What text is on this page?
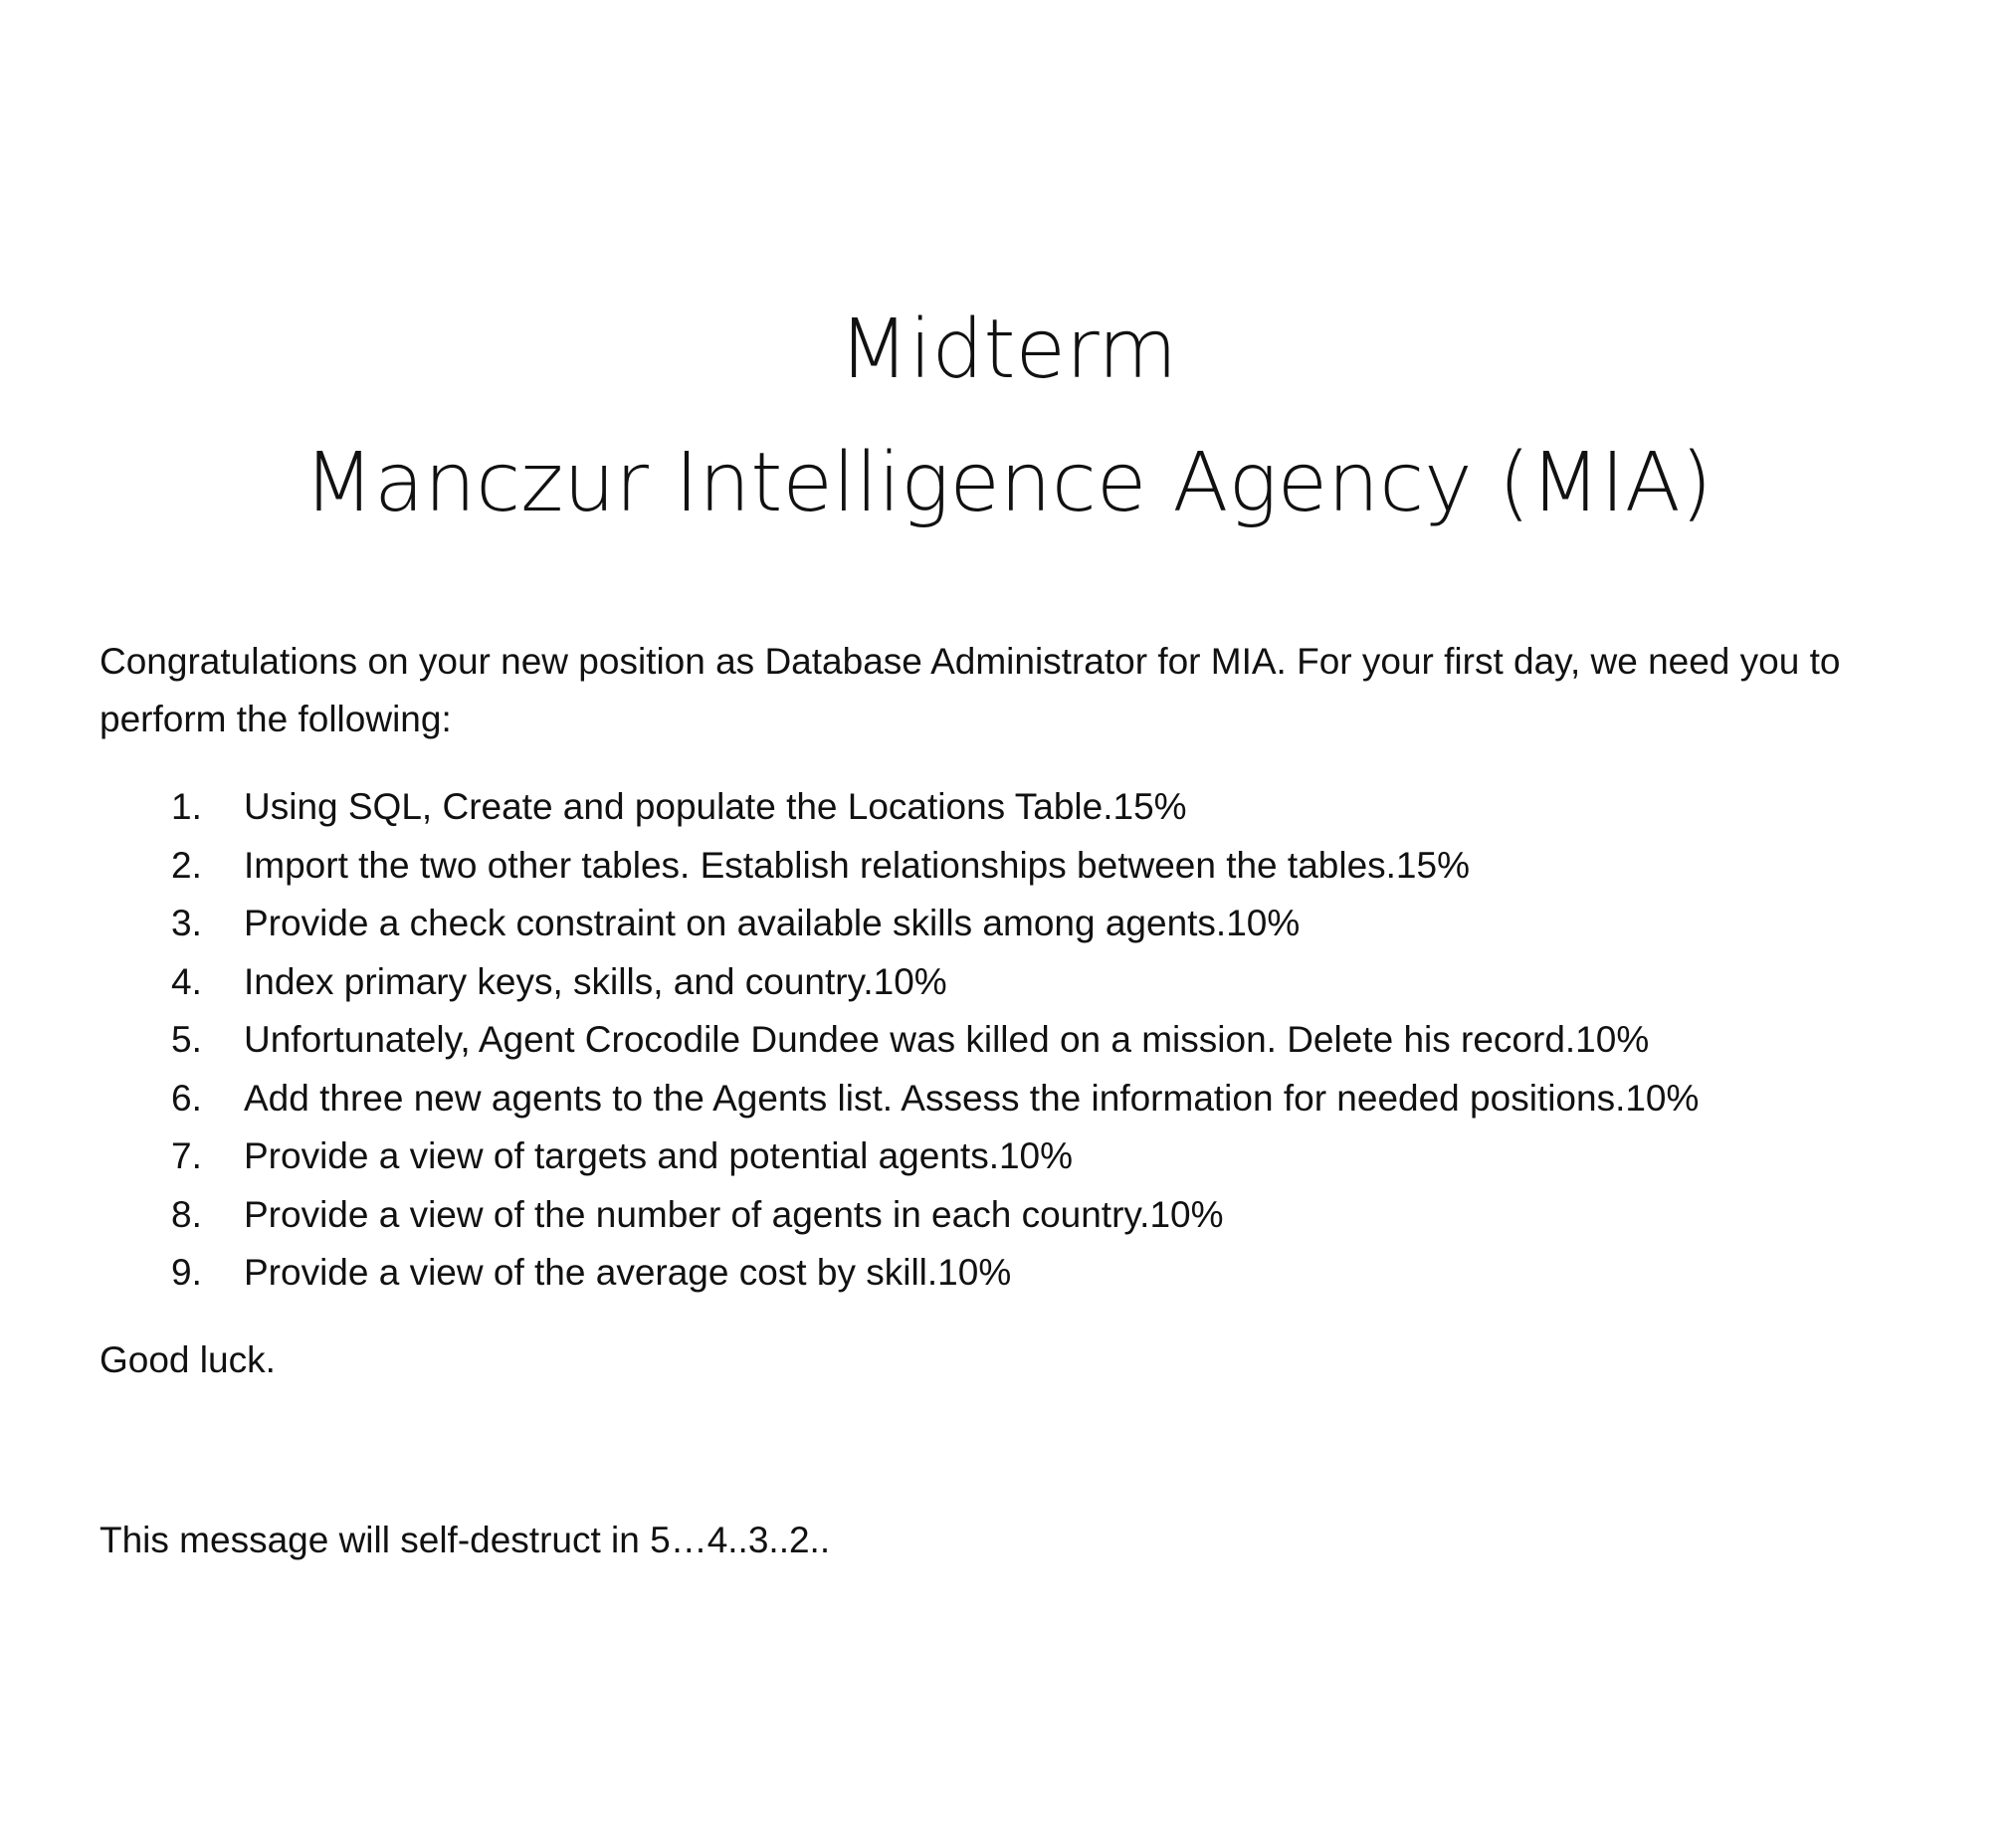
Midterm
Manczur Intelligence Agency (MIA)

Congratulations on your new position as Database Administrator for MIA. For your first day, we need you to perform the following:

1.	Using SQL, Create and populate the Locations Table.15%
2.	Import the two other tables. Establish relationships between the tables.15%
3.	Provide a check constraint on available skills among agents.10%
4.	Index primary keys, skills, and country.10%
5.	Unfortunately, Agent Crocodile Dundee was killed on a mission. Delete his record.10%
6.	Add three new agents to the Agents list. Assess the information for needed positions.10%
7.	Provide a view of targets and potential agents.10%
8.	Provide a view of the number of agents in each country.10%
9.	Provide a view of the average cost by skill.10%

Good luck.

This message will self-destruct in 5…4..3..2..
